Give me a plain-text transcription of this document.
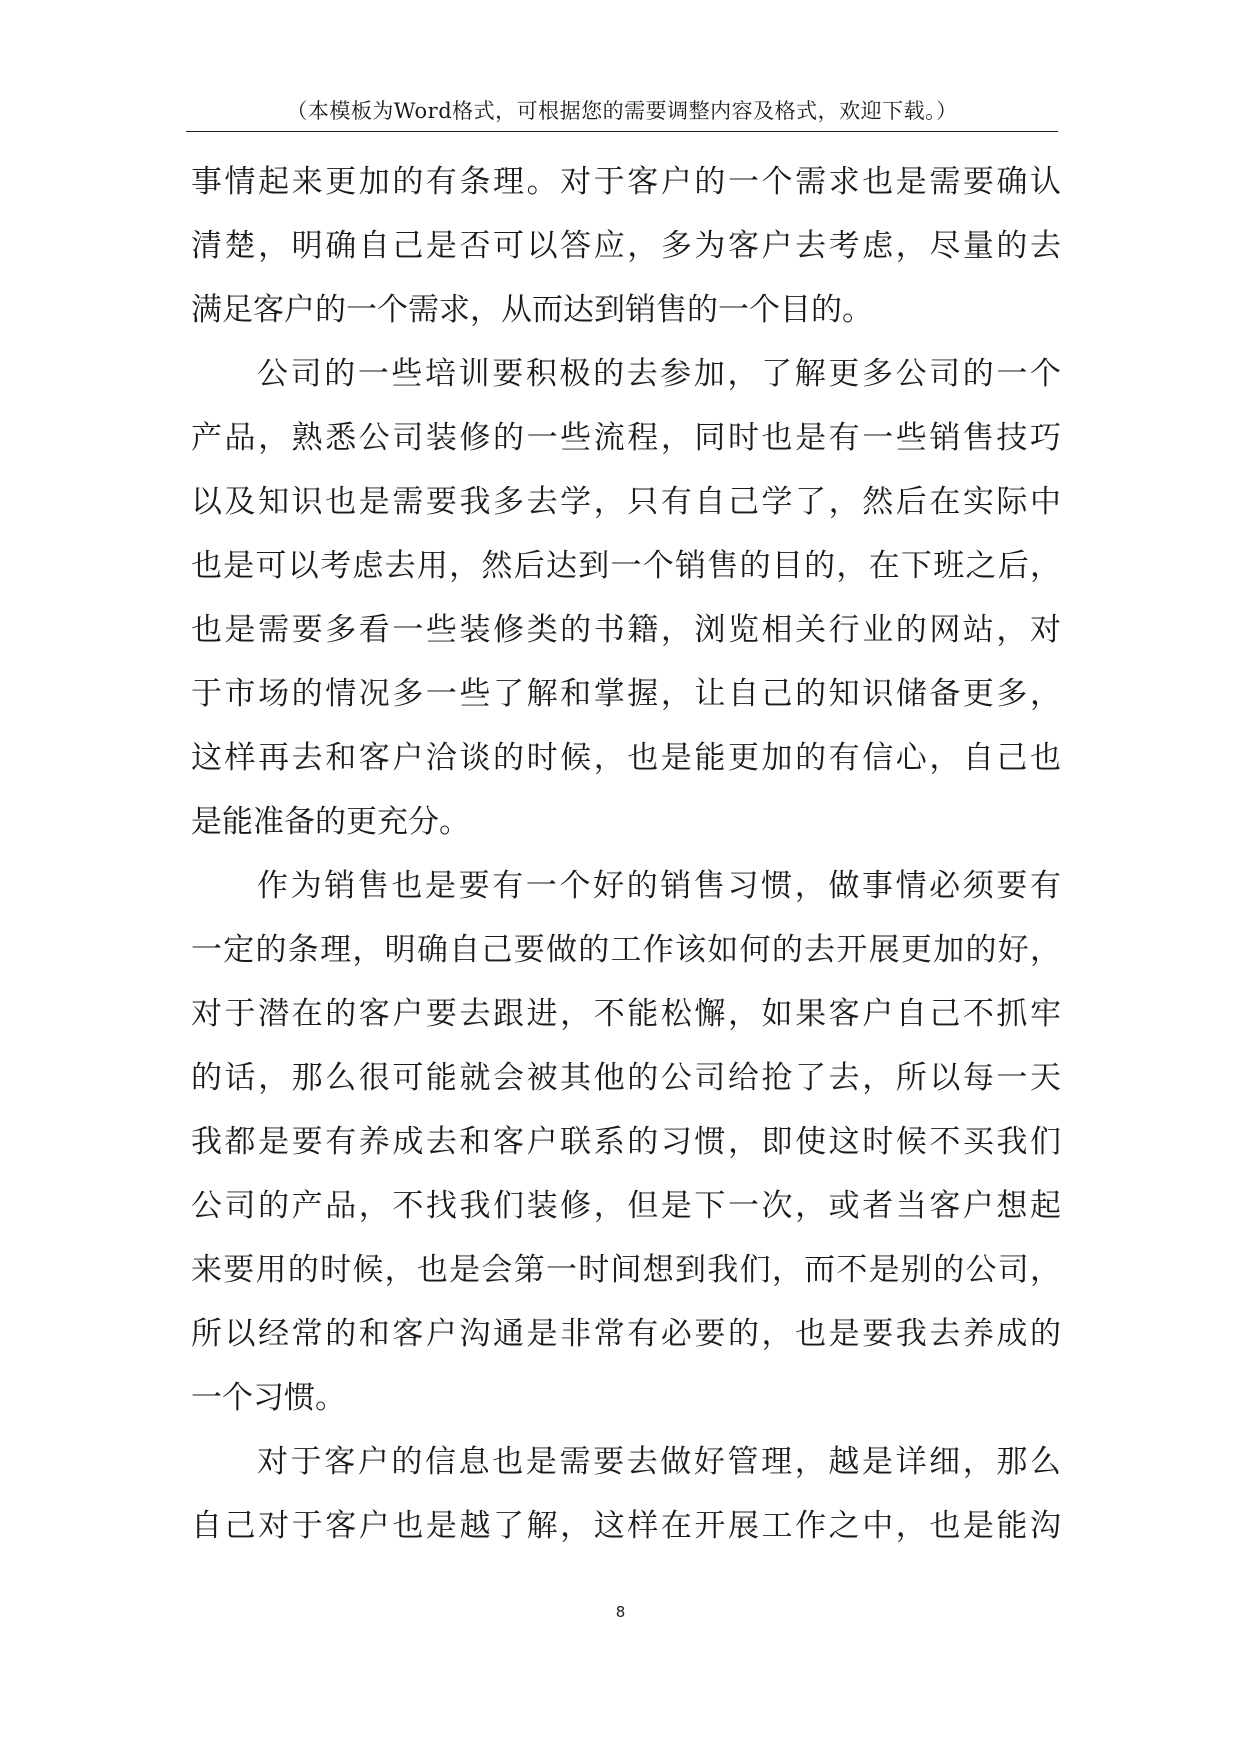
（本模板为Word格式，可根据您的需要调整内容及格式，欢迎下载。）

事情起来更加的有条理。对于客户的一个需求也是需要确认
清楚，明确自己是否可以答应，多为客户去考虑，尽量的去
满足客户的一个需求，从而达到销售的一个目的。

公司的一些培训要积极的去参加，了解更多公司的一个
产品，熟悉公司装修的一些流程，同时也是有一些销售技巧
以及知识也是需要我多去学，只有自己学了，然后在实际中
也是可以考虑去用，然后达到一个销售的目的，在下班之后，
也是需要多看一些装修类的书籍，浏览相关行业的网站，对
于市场的情况多一些了解和掌握，让自己的知识储备更多，
这样再去和客户洽谈的时候，也是能更加的有信心，自己也
是能准备的更充分。

作为销售也是要有一个好的销售习惯，做事情必须要有
一定的条理，明确自己要做的工作该如何的去开展更加的好，
对于潜在的客户要去跟进，不能松懈，如果客户自己不抓牢
的话，那么很可能就会被其他的公司给抢了去，所以每一天
我都是要有养成去和客户联系的习惯，即使这时候不买我们
公司的产品，不找我们装修，但是下一次，或者当客户想起
来要用的时候，也是会第一时间想到我们，而不是别的公司，
所以经常的和客户沟通是非常有必要的，也是要我去养成的
一个习惯。

对于客户的信息也是需要去做好管理，越是详细，那么
自己对于客户也是越了解，这样在开展工作之中，也是能沟

8
